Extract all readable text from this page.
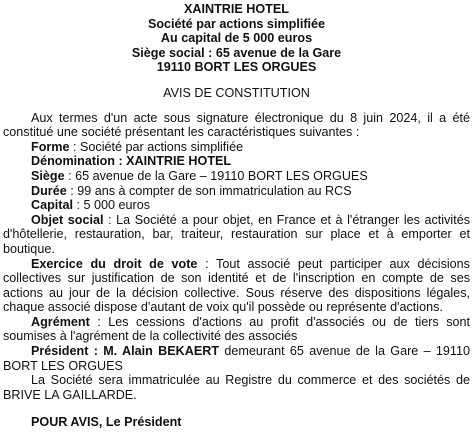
XAINTRIE HOTEL
Société par actions simplifiée
Au capital de 5 000 euros
Siège social : 65 avenue de la Gare
19110 BORT LES ORGUES
AVIS DE CONSTITUTION

Aux termes d'un acte sous signature électronique du 8 juin 2024, il a été constitué une société présentant les caractéristiques suivantes :

Forme : Société par actions simplifiée

Dénomination : XAINTRIE HOTEL

Siège : 65 avenue de la Gare – 19110 BORT LES ORGUES

Durée : 99 ans à compter de son immatriculation au RCS

Capital : 5 000 euros

Objet social : La Société a pour objet, en France et à l'étranger les activités d'hôtellerie, restauration, bar, traiteur, restauration sur place et à emporter et boutique.

Exercice du droit de vote : Tout associé peut participer aux décisions collectives sur justification de son identité et de l'inscription en compte de ses actions au jour de la décision collective. Sous réserve des dispositions légales, chaque associé dispose d'autant de voix qu'il possède ou représente d'actions.

Agrément : Les cessions d'actions au profit d'associés ou de tiers sont soumises à l'agrément de la collectivité des associés

Président : M. Alain BEKAERT demeurant 65 avenue de la Gare – 19110 BORT LES ORGUES

La Société sera immatriculée au Registre du commerce et des sociétés de BRIVE LA GAILLARDE.

POUR AVIS, Le Président
